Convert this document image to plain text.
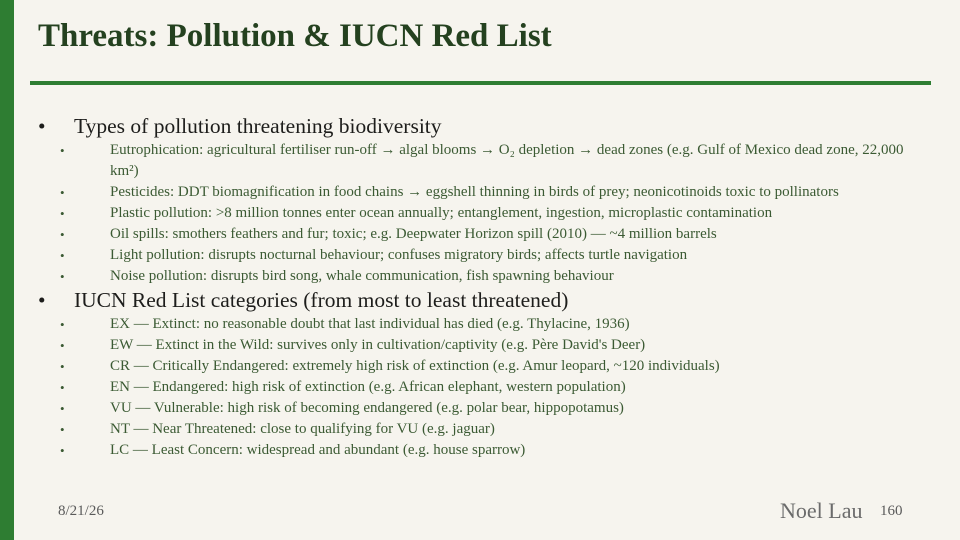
Threats: Pollution & IUCN Red List
• Types of pollution threatening biodiversity
•	Eutrophication: agricultural fertiliser run-off → algal blooms → O₂ depletion → dead zones (e.g. Gulf of Mexico dead zone, 22,000 km²)
•	Pesticides: DDT biomagnification in food chains → eggshell thinning in birds of prey; neonicotinoids toxic to pollinators
•	Plastic pollution: >8 million tonnes enter ocean annually; entanglement, ingestion, microplastic contamination
•	Oil spills: smothers feathers and fur; toxic; e.g. Deepwater Horizon spill (2010) — ~4 million barrels
•	Light pollution: disrupts nocturnal behaviour; confuses migratory birds; affects turtle navigation
•	Noise pollution: disrupts bird song, whale communication, fish spawning behaviour
• IUCN Red List categories (from most to least threatened)
•	EX — Extinct: no reasonable doubt that last individual has died (e.g. Thylacine, 1936)
•	EW — Extinct in the Wild: survives only in cultivation/captivity (e.g. Père David's Deer)
•	CR — Critically Endangered: extremely high risk of extinction (e.g. Amur leopard, ~120 individuals)
•	EN — Endangered: high risk of extinction (e.g. African elephant, western population)
•	VU — Vulnerable: high risk of becoming endangered (e.g. polar bear, hippopotamus)
•	NT — Near Threatened: close to qualifying for VU (e.g. jaguar)
•	LC — Least Concern: widespread and abundant (e.g. house sparrow)
8/21/26	Noel Lau 160
